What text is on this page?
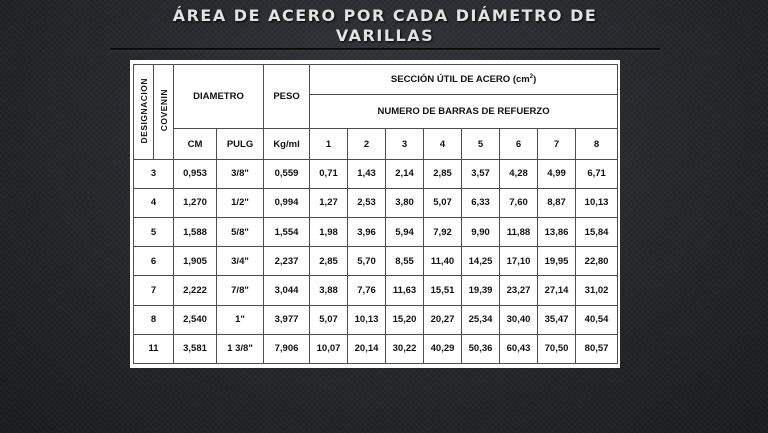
ÁREA DE ACERO POR CADA DIÁMETRO DE
VARILLAS
DESIGNACION	COVENIN	DIAMETRO		PESO	SECCIÓN ÚTIL DE ACERO $(cm^2)$							
					NUMERO DE BARRAS DE REFUERZO							
		CM	PULG	Kg/ml	1	2	3	4	5	6	7	8
3		0,953	3/8"	0,559	0,71	1,43	2,14	2,85	3,57	4,28	4,99	6,71
4		1,270	1/2"	0,994	1,27	2,53	3,80	5,07	6,33	7,60	8,87	10,13
5		1,588	5/8"	1,554	1,98	3,96	5,94	7,92	9,90	11,88	13,86	15,84
6		1,905	3/4"	2,237	2,85	5,70	8,55	11,40	14,25	17,10	19,95	22,80
7		2,222	7/8"	3,044	3,88	7,76	11,63	15,51	19,39	23,27	27,14	31,02
8		2,540	1"	3,977	5,07	10,13	15,20	20,27	25,34	30,40	35,47	40,54
11		3,581	1 3/8"	7,906	10,07	20,14	30,22	40,29	50,36	60,43	70,50	80,57
